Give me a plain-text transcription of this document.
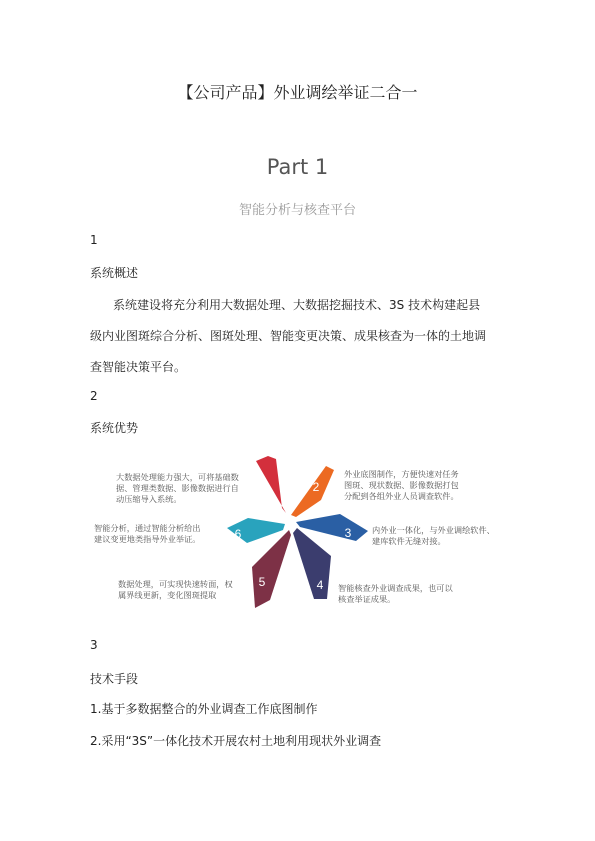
【公司产品】外业调绘举证二合一
Part 1
智能分析与核查平台
1
系统概述
系统建设将充分利用大数据处理、大数据挖掘技术、3S 技术构建起县
级内业图斑综合分析、图斑处理、智能变更决策、成果核查为一体的土地调
查智能决策平台。
2
系统优势
1	2
3
4
5
6
大数据处理能力强大，可将基础数
据、管理类数据、影像数据进行自
动压缩导入系统。
外业底图制作，方便快速对任务
图斑、现状数据、影像数据打包
分配到各组外业人员调查软件。
内外业一体化，与外业调绘软件、
建库软件无缝对接。
智能核查外业调查成果，也可以
核查举证成果。
数据处理，可实现快速转面，权
属界线更新，变化图斑提取
智能分析，通过智能分析给出
建议变更地类指导外业举证。
3
技术手段
1.基于多数据整合的外业调查工作底图制作
2.采用“3S”一体化技术开展农村土地利用现状外业调查
